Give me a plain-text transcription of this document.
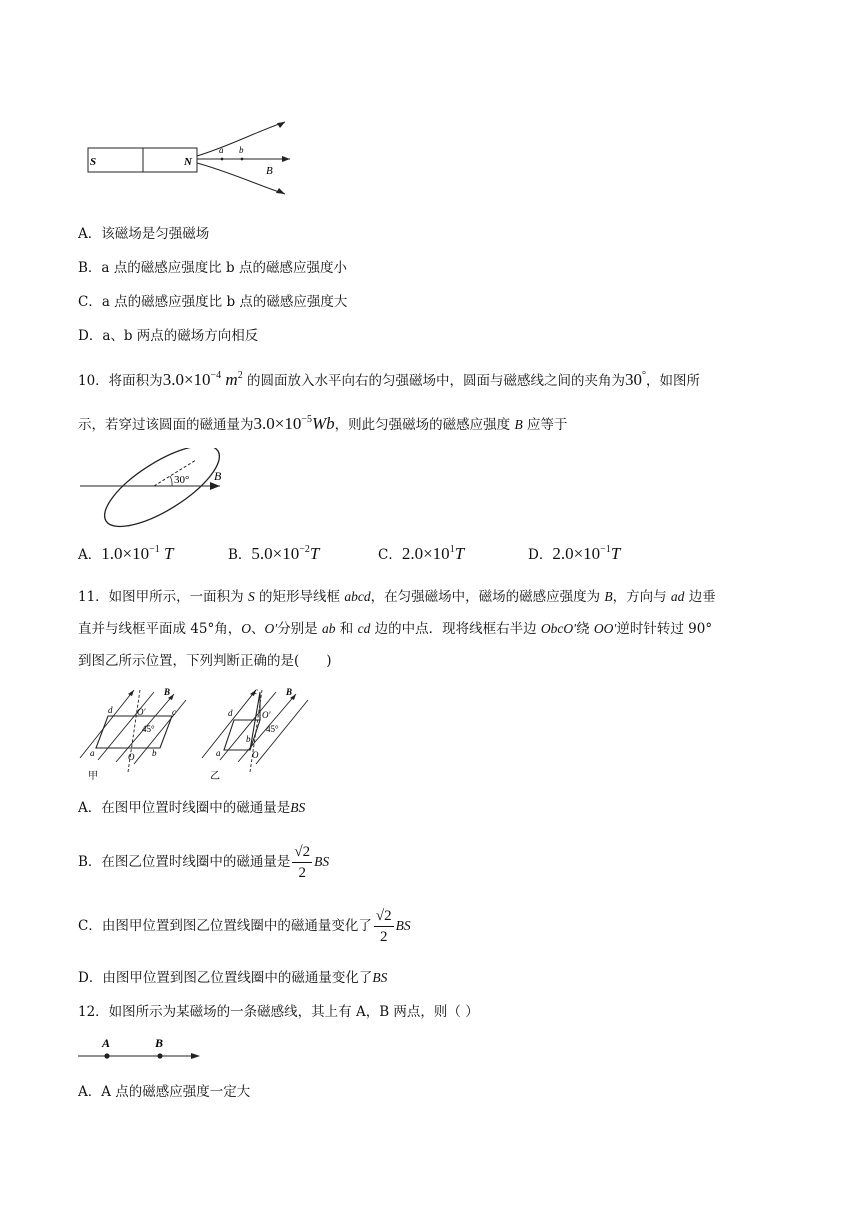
S	N
a b
B
A．该磁场是匀强磁场
B．a 点的磁感应强度比 b 点的磁感应强度小
C．a 点的磁感应强度比 b 点的磁感应强度大
D．a、b 两点的磁场方向相反
10．将面积为$3.0\times 10^{-4}$ $m^2$ 的圆面放入水平向右的匀强磁场中，圆面与磁感线之间的夹角为30°，如图所
示，若穿过该圆面的磁通量为$3.0\times 10^{-5}Wb$，则此匀强磁场的磁感应强度 B 应等于
30° B
A．$1.0\times 10^{-1}$ T	B．$5.0\times 10^{-2}T$	C．$2.0\times 10^1T$	D．$2.0\times 10^{-1}T$
11．如图甲所示，一面积为 S 的矩形导线框 abcd，在匀强磁场中，磁场的磁感应强度为 B，方向与 ad 边垂
直并与线框平面成 45°角，O、O′分别是 ab 和 cd 边的中点．现将线框右半边 ObcO′绕 OO′逆时针转过 90°
到图乙所示位置，下列判断正确的是(　　)
B
d	c
a	b
O′
O
45°
甲
B
c
d
a
b
O′
O
45°
乙
A．在图甲位置时线圈中的磁通量是BS
B．在图乙位置时线圈中的磁通量是 $\frac{√2}{2}$ BS
C．由图甲位置到图乙位置线圈中的磁通量变化了 $\frac{√2}{2}$ BS
D．由图甲位置到图乙位置线圈中的磁通量变化了BS
12．如图所示为某磁场的一条磁感线，其上有 A，B 两点，则（ ）
A	B
A．A 点的磁感应强度一定大
